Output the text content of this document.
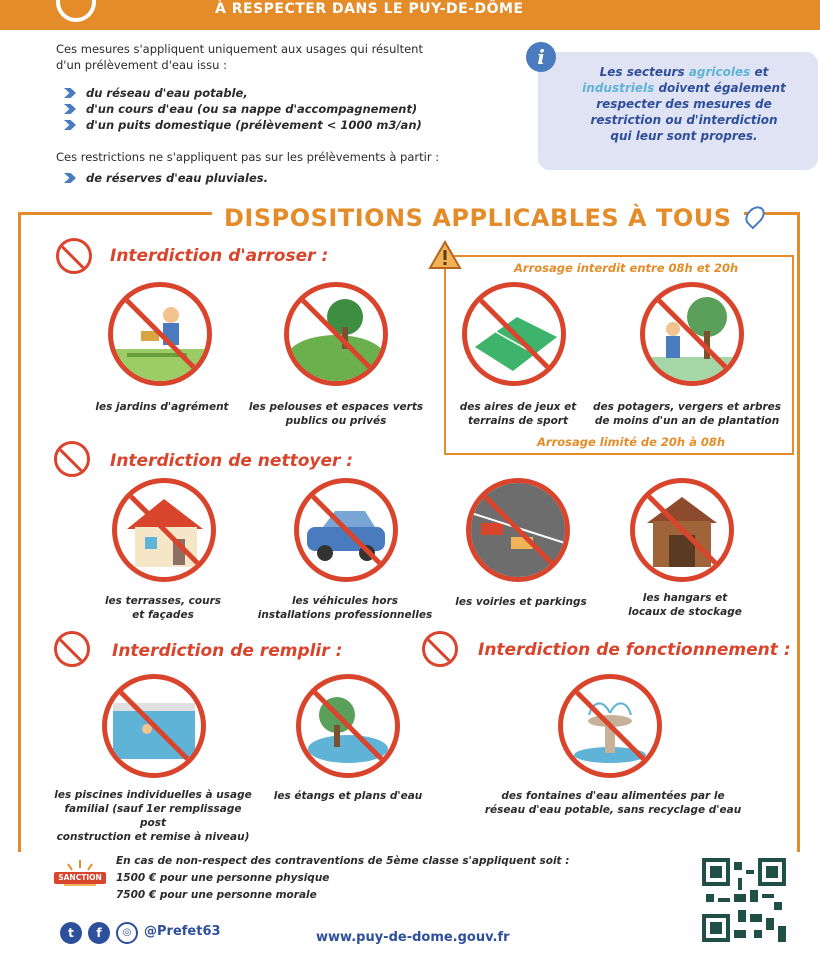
À RESPECTER DANS LE PUY-DE-DÔME
Ces mesures s'appliquent uniquement aux usages qui résultent
d'un prélèvement d'eau issu :
du réseau d'eau potable,
d'un cours d'eau (ou sa nappe d'accompagnement)
d'un puits domestique (prélèvement < 1000 m3/an)
Ces restrictions ne s'appliquent pas sur les prélèvements à partir :
de réserves d'eau pluviales.
i
Les secteurs agricoles et
industriels doivent également
respecter des mesures de
restriction ou d'interdiction
qui leur sont propres.
DISPOSITIONS APPLICABLES À TOUS
Arrosage interdit entre 08h et 20h
Arrosage limité de 20h à 08h
Interdiction d'arroser :
les jardins d'agrément	les pelouses et espaces verts
publics ou privés
des aires de jeux et
terrains de sport
des potagers, vergers et arbres
de moins d'un an de plantation
Interdiction de nettoyer :
les terrasses, cours
et façades
les véhicules hors
installations professionnelles
les voiries et parkings	les hangars et
locaux de stockage
Interdiction de remplir :	Interdiction de fonctionnement :
les piscines individuelles à usage
familial (sauf 1er remplissage post
construction et remise à niveau)
les étangs et plans d'eau	des fontaines d'eau alimentées par le
réseau d'eau potable, sans recyclage d'eau
SANCTION
En cas de non-respect des contraventions de 5ème classe s'appliquent soit :
1500 € pour une personne physique
7500 € pour une personne morale
t	f	◎ @Prefet63	www.puy-de-dome.gouv.fr
